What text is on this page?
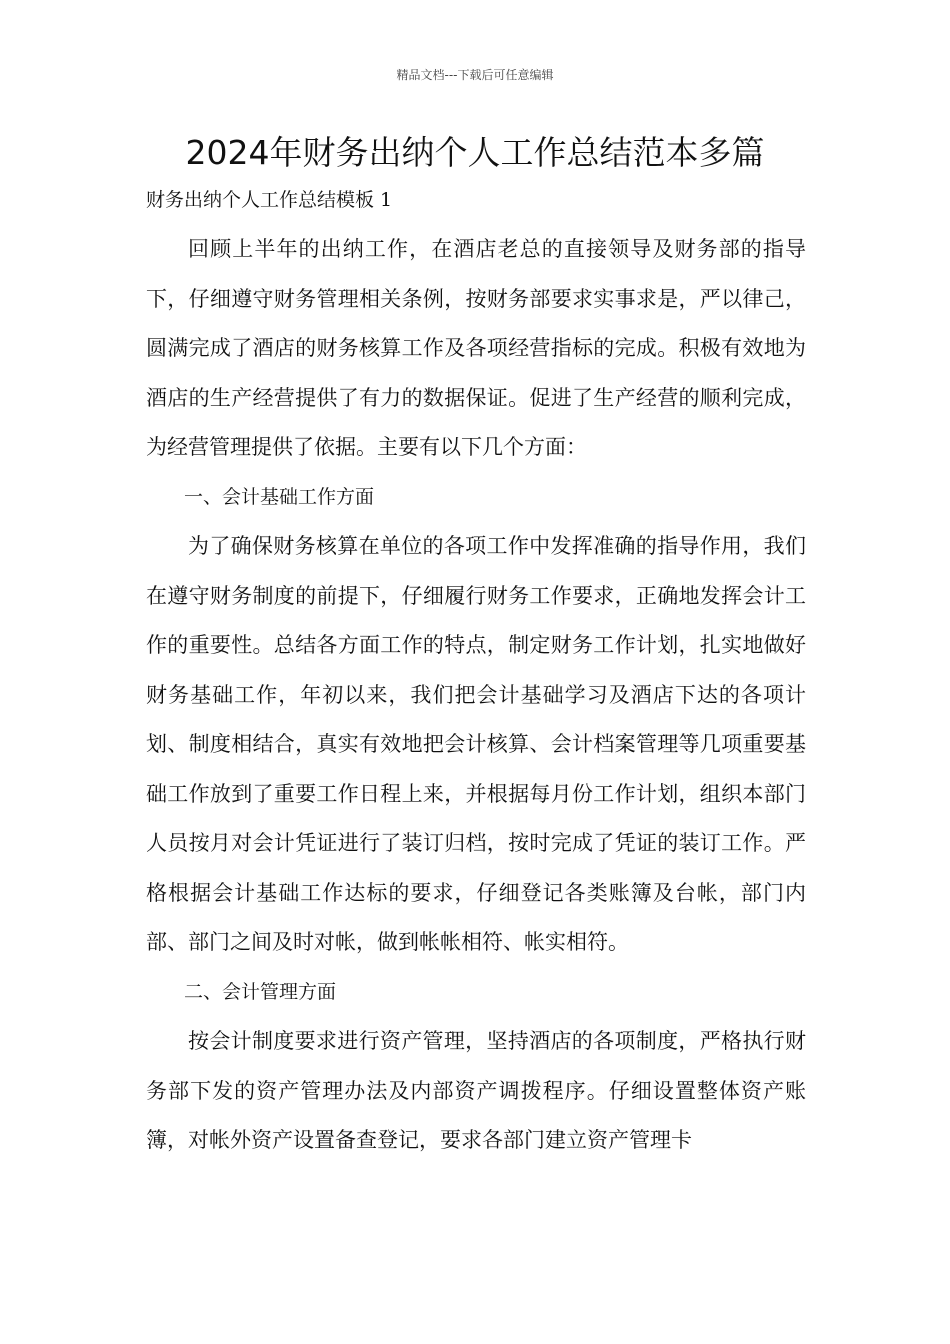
精品文档---下载后可任意编辑
2024年财务出纳个人工作总结范本多篇
财务出纳个人工作总结模板 1

回顾上半年的出纳工作，在酒店老总的直接领导及财务部的指导下，仔细遵守财务管理相关条例，按财务部要求实事求是，严以律己，圆满完成了酒店的财务核算工作及各项经营指标的完成。积极有效地为酒店的生产经营提供了有力的数据保证。促进了生产经营的顺利完成，为经营管理提供了依据。主要有以下几个方面：

一、会计基础工作方面

为了确保财务核算在单位的各项工作中发挥准确的指导作用，我们在遵守财务制度的前提下，仔细履行财务工作要求，正确地发挥会计工作的重要性。总结各方面工作的特点，制定财务工作计划，扎实地做好财务基础工作，年初以来，我们把会计基础学习及酒店下达的各项计划、制度相结合，真实有效地把会计核算、会计档案管理等几项重要基础工作放到了重要工作日程上来，并根据每月份工作计划，组织本部门人员按月对会计凭证进行了装订归档，按时完成了凭证的装订工作。严格根据会计基础工作达标的要求，仔细登记各类账簿及台帐，部门内部、部门之间及时对帐，做到帐帐相符、帐实相符。

二、会计管理方面

按会计制度要求进行资产管理，坚持酒店的各项制度，严格执行财务部下发的资产管理办法及内部资产调拨程序。仔细设置整体资产账簿，对帐外资产设置备查登记，要求各部门建立资产管理卡
